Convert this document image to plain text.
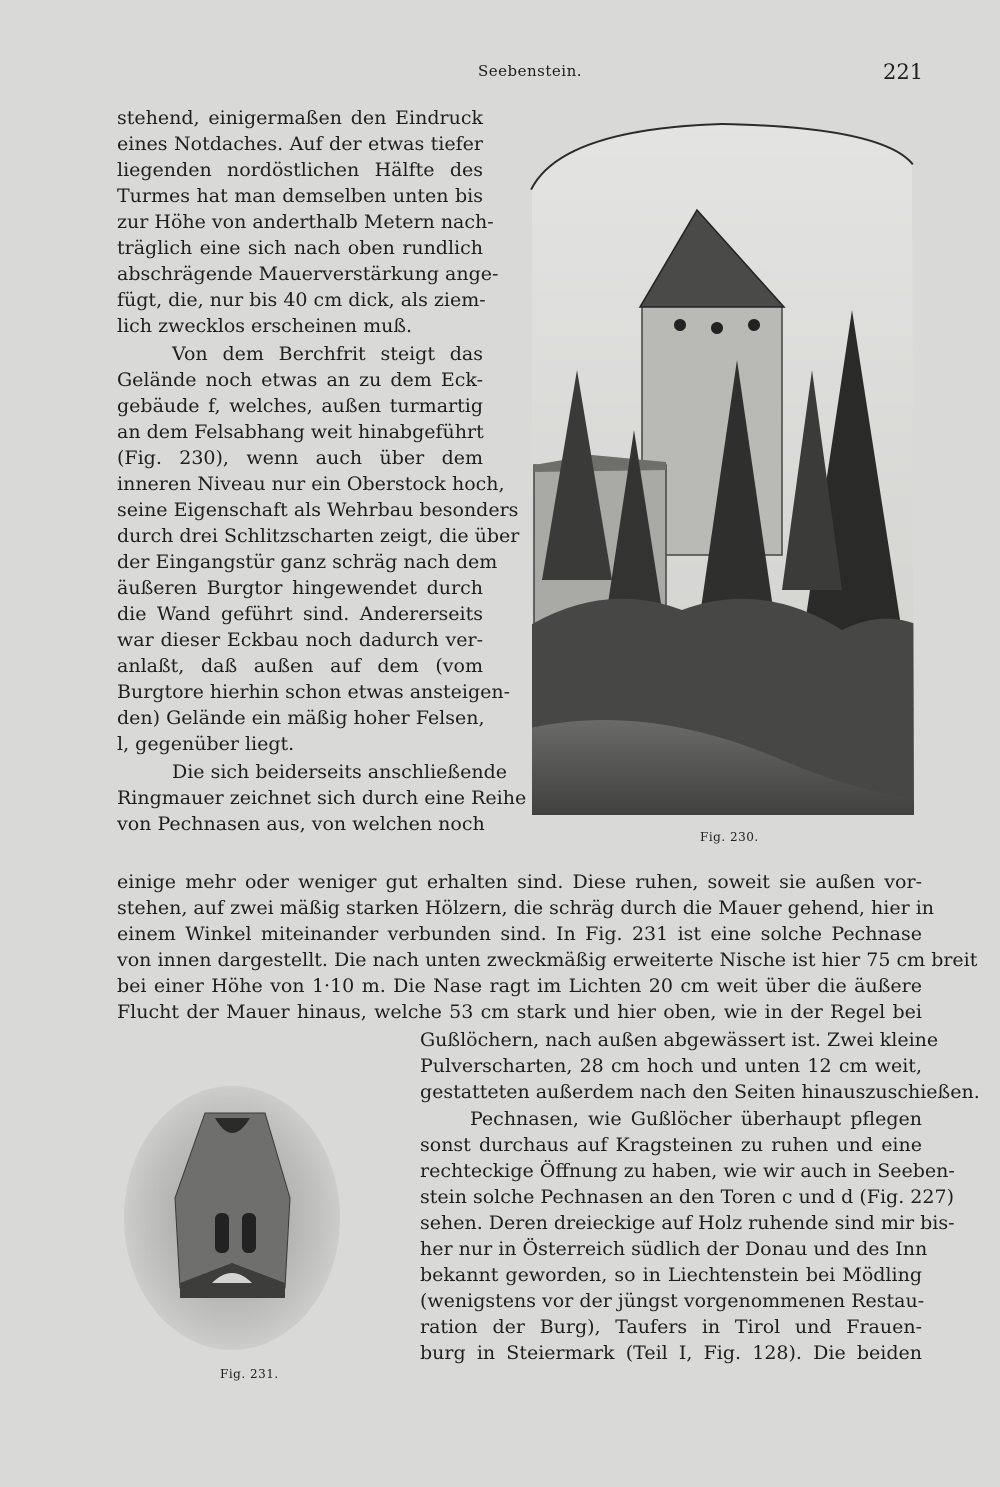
Seebenstein.	221

stehend, einigermaßen den Eindruck

eines Notdaches. Auf der etwas tiefer

liegenden nordöstlichen Hälfte des

Turmes hat man demselben unten bis

zur Höhe von anderthalb Metern nach-

träglich eine sich nach oben rundlich

abschrägende Mauerverstärkung ange-

fügt, die, nur bis 40 cm dick, als ziem-

lich zwecklos erscheinen muß.

Von dem Berchfrit steigt das

Gelände noch etwas an zu dem Eck-

gebäude f, welches, außen turmartig

an dem Felsabhang weit hinabgeführt

(Fig. 230), wenn auch über dem

inneren Niveau nur ein Oberstock hoch,

seine Eigenschaft als Wehrbau besonders

durch drei Schlitzscharten zeigt, die über

der Eingangstür ganz schräg nach dem

äußeren Burgtor hingewendet durch

die Wand geführt sind. Andererseits

war dieser Eckbau noch dadurch ver-

anlaßt, daß außen auf dem (vom

Burgtore hierhin schon etwas ansteigen-

den) Gelände ein mäßig hoher Felsen,

l, gegenüber liegt.

Die sich beiderseits anschließende

Ringmauer zeichnet sich durch eine Reihe

von Pechnasen aus, von welchen noch

einige mehr oder weniger gut erhalten sind. Diese ruhen, soweit sie außen vor-

stehen, auf zwei mäßig starken Hölzern, die schräg durch die Mauer gehend, hier in

einem Winkel miteinander verbunden sind. In Fig. 231 ist eine solche Pechnase

von innen dargestellt. Die nach unten zweckmäßig erweiterte Nische ist hier 75 cm breit

bei einer Höhe von 1·10 m. Die Nase ragt im Lichten 20 cm weit über die äußere

Flucht der Mauer hinaus, welche 53 cm stark und hier oben, wie in der Regel bei

Gußlöchern, nach außen abgewässert ist. Zwei kleine

Pulverscharten, 28 cm hoch und unten 12 cm weit,

gestatteten außerdem nach den Seiten hinauszuschießen.

Pechnasen, wie Gußlöcher überhaupt pflegen

sonst durchaus auf Kragsteinen zu ruhen und eine

rechteckige Öffnung zu haben, wie wir auch in Seeben-

stein solche Pechnasen an den Toren c und d (Fig. 227)

sehen. Deren dreieckige auf Holz ruhende sind mir bis-

her nur in Österreich südlich der Donau und des Inn

bekannt geworden, so in Liechtenstein bei Mödling

(wenigstens vor der jüngst vorgenommenen Restau-

ration der Burg), Taufers in Tirol und Frauen-

burg in Steiermark (Teil I, Fig. 128). Die beiden

Fig. 230.
Fig. 231.
